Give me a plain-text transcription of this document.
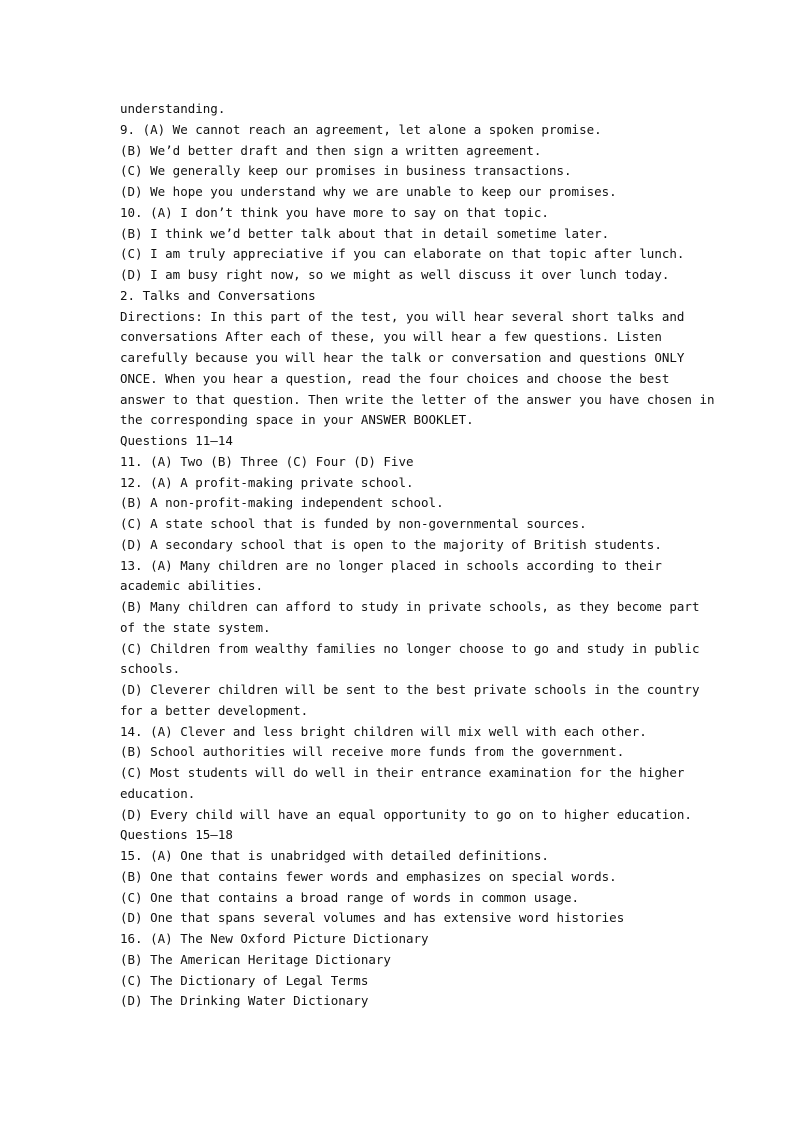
understanding.
9. (A) We cannot reach an agreement, let alone a spoken promise.
(B) We’d better draft and then sign a written agreement.
(C) We generally keep our promises in business transactions.
(D) We hope you understand why we are unable to keep our promises.
10. (A) I don’t think you have more to say on that topic.
(B) I think we’d better talk about that in detail sometime later.
(C) I am truly appreciative if you can elaborate on that topic after lunch.
(D) I am busy right now, so we might as well discuss it over lunch today.
2. Talks and Conversations
Directions: In this part of the test, you will hear several short talks and
conversations After each of these, you will hear a few questions. Listen
carefully because you will hear the talk or conversation and questions ONLY
ONCE. When you hear a question, read the four choices and choose the best
answer to that question. Then write the letter of the answer you have chosen in
the corresponding space in your ANSWER BOOKLET.
Questions 11—14
11. (A) Two (B) Three (C) Four (D) Five
12. (A) A profit-making private school.
(B) A non-profit-making independent school.
(C) A state school that is funded by non-governmental sources.
(D) A secondary school that is open to the majority of British students.
13. (A) Many children are no longer placed in schools according to their
academic abilities.
(B) Many children can afford to study in private schools, as they become part
of the state system.
(C) Children from wealthy families no longer choose to go and study in public
schools.
(D) Cleverer children will be sent to the best private schools in the country
for a better development.
14. (A) Clever and less bright children will mix well with each other.
(B) School authorities will receive more funds from the government.
(C) Most students will do well in their entrance examination for the higher
education.
(D) Every child will have an equal opportunity to go on to higher education.
Questions 15—18
15. (A) One that is unabridged with detailed definitions.
(B) One that contains fewer words and emphasizes on special words.
(C) One that contains a broad range of words in common usage.
(D) One that spans several volumes and has extensive word histories
16. (A) The New Oxford Picture Dictionary
(B) The American Heritage Dictionary
(C) The Dictionary of Legal Terms
(D) The Drinking Water Dictionary
